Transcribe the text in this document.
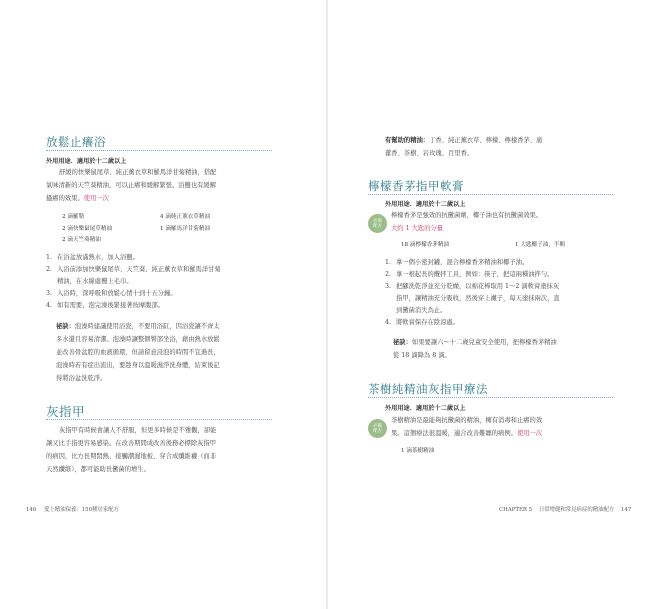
放鬆止癢浴
外用用途．適用於十二歲以上
舒緩的快樂鼠尾草、純正薰衣草和羅馬洋甘菊精油，搭配
氣味清新的天竺葵精油，可以止癢和緩解緊張。浴鹽也有緩解
搔癢的效果。使用一次
2 滴羅勒	4 滴純正薰衣草精油
2 滴快樂鼠尾草精油	1 滴羅馬洋甘菊精油
2 滴天竺葵精油
1. 在浴盆放滿熱水，加入浴鹽。
2. 入浴前添加快樂鼠尾草、天竺葵、純正薰衣草和羅馬洋甘菊
精油，在水線處攪上毛巾。
3. 入浴時，深呼吸和放鬆心情十到十五分鐘。
4. 如有需要，泡完澡後緊接著按摩腹部。
祕訣：泡澡時建議使用浴瓷，不要用浴缸，因浴瓷讓不齊太
多水還且容易清潔。泡澡時讓整個臀部坐浴，藉由熱水放鬆
並改善骨盆腔的血液循環，但請留意浸泡的時間不宜過長，
泡澡時若有症出流出，要趁身以溫暖濕淨洗身體，結束後記
得將浴盆洗乾淨。
灰指甲
灰指甲有時候會讓人不舒服，但更多時候是不雅觀，卻能
讓又比手指更容易感染。在改善期間成改善後務必標除灰指甲
的病因，比方長期悶熱、接觸潮濕地板、穿合成纖維襪（而非
天然纖維），都可能助長黴菌的增生。
146 愛上精油保養：150種居家配方
有幫助的精油：丁香、純正薰衣草、檸檬、檸檬香茅、廣
藿香、茶樹、岩玫瑰、百里香。
檸檬香茅指甲軟膏
外用用途．適用於十二歲以上
必備
配方
檸檬香茅是強效的抗黴菌劑，椰子油也有抗黴菌效果。
大約 1 大匙的分量
18 滴檸檬香茅精油	1 大匙椰子油，半顆
1. 拿一個小密封罐，混合檸檬香茅精油和椰子油。
2. 拿一根起長的攪拌工具，例如：筷子，把這兩種油拌勻。
3. 把腳洗乾淨並充分乾燥，以棉花棒取用 1～2 滴軟膏塗抹灰
指甲，讓精油充分吸收，然後穿上襪子，每天塗抹兩次，直
到黴菌消失為止。
4. 將軟膏保存在陰涼處。
祕訣：如果要讓六～十二歲兒童安全使用，把檸檬香茅精油
從 18 滴降為 8 滴。
茶樹純精油灰指甲療法
外用用途．適用於十二歲以上
必備
配方
茶樹精油是最能夠抗黴菌的精油，擁有消毒和止癢的效
果。這個療法很溫暖，適合改善難纏的病例。使用一次
1 滴茶樹精油
CHAPTER 5 日常增健和常見病症的精油配方 147
